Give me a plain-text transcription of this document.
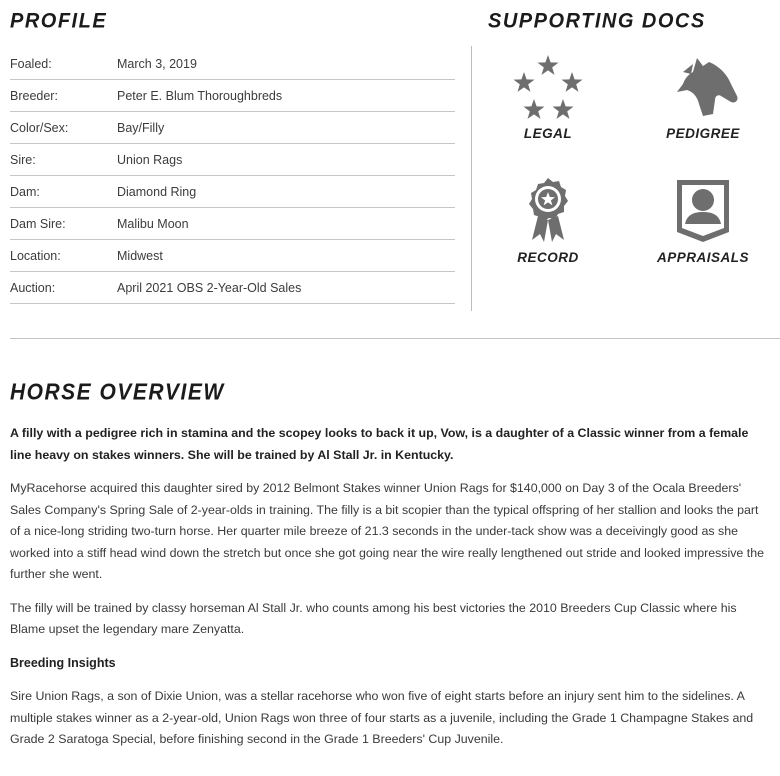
PROFILE	SUPPORTING DOCS
Foaled:	March 3, 2019
Breeder:	Peter E. Blum Thoroughbreds
Color/Sex:	Bay/Filly
Sire:	Union Rags
Dam:	Diamond Ring
Dam Sire:	Malibu Moon
Location:	Midwest
Auction:	April 2021 OBS 2-Year-Old Sales
LEGAL	PEDIGREE
RECORD	APPRAISALS
HORSE OVERVIEW

A filly with a pedigree rich in stamina and the scopey looks to back it up, Vow, is a daughter of a Classic winner from a female line heavy on stakes winners. She will be trained by Al Stall Jr. in Kentucky.

MyRacehorse acquired this daughter sired by 2012 Belmont Stakes winner Union Rags for $140,000 on Day 3 of the Ocala Breeders' Sales Company's Spring Sale of 2-year-olds in training. The filly is a bit scopier than the typical offspring of her stallion and looks the part of a nice-long striding two-turn horse. Her quarter mile breeze of 21.3 seconds in the under-tack show was a deceivingly good as she worked into a stiff head wind down the stretch but once she got going near the wire really lengthened out stride and looked impressive the further she went.

The filly will be trained by classy horseman Al Stall Jr. who counts among his best victories the 2010 Breeders Cup Classic where his Blame upset the legendary mare Zenyatta.

Breeding Insights

Sire Union Rags, a son of Dixie Union, was a stellar racehorse who won five of eight starts before an injury sent him to the sidelines. A multiple stakes winner as a 2-year-old, Union Rags won three of four starts as a juvenile, including the Grade 1 Champagne Stakes and Grade 2 Saratoga Special, before finishing second in the Grade 1 Breeders' Cup Juvenile.
